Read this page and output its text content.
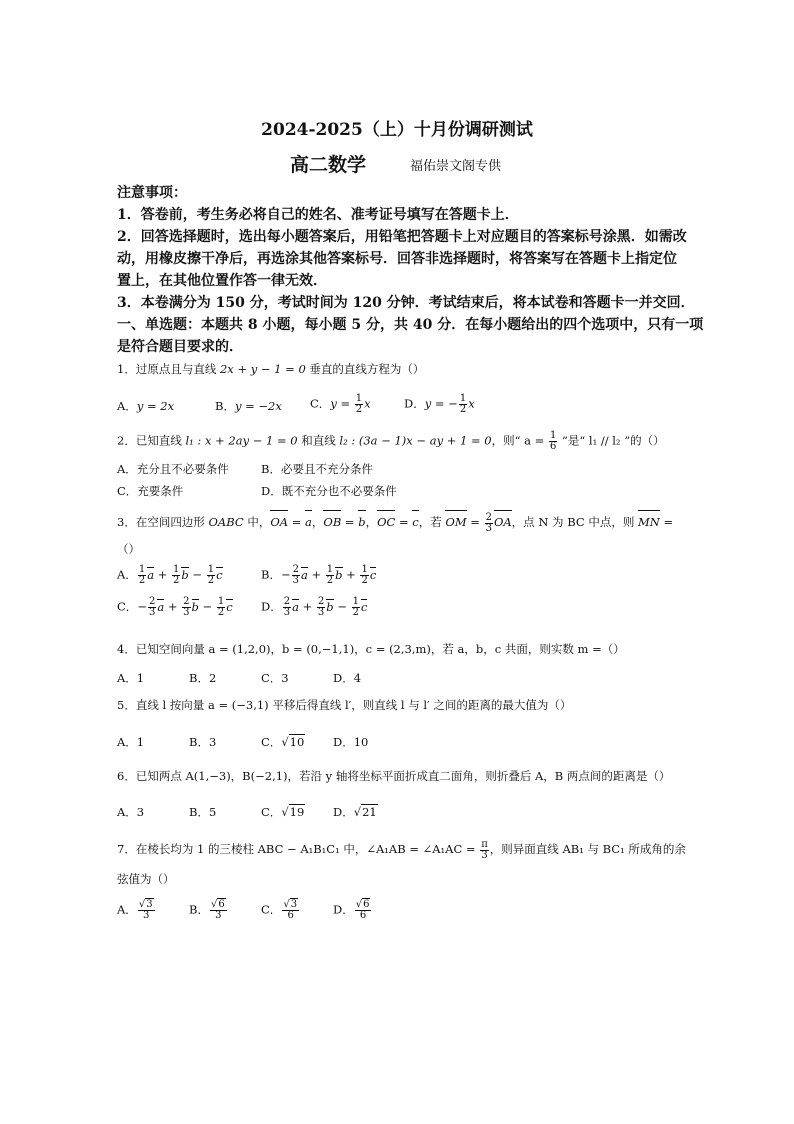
2024-2025（上）十月份调研测试
高二数学	福佑崇文阁专供
注意事项：
1．答卷前，考生务必将自己的姓名、准考证号填写在答题卡上．
2．回答选择题时，选出每小题答案后，用铅笔把答题卡上对应题目的答案标号涂黑．如需改
动，用橡皮擦干净后，再选涂其他答案标号．回答非选择题时，将答案写在答题卡上指定位
置上，在其他位置作答一律无效．
3．本卷满分为 150 分，考试时间为 120 分钟．考试结束后，将本试卷和答题卡一并交回．
一、单选题：本题共 8 小题，每小题 5 分，共 40 分．在每小题给出的四个选项中，只有一项
是符合题目要求的．
1．过原点且与直线 2x + y − 1 = 0 垂直的直线方程为（）
A．y = 2x	B．y = −2x C．$y = \frac{1}{2}$ x	D．y = − $\frac{1}{2}$ x
2．已知直线 l₁ : x + 2ay − 1 = 0 和直线 l₂ : (3a − 1)x − ay + 1 = 0，则“ $a = \frac{1}{6}$ ”是“ l₁ // l₂ ”的（）
A．充分且不必要条件	B．必要且不充分条件
C．充要条件	D．既不充分也不必要条件
3．在空间四边形 OABC 中，OA = a，OB = b，OC = c，若 OM = $\frac{2}{3}$ OA，点 N 为 BC 中点，则 MN =
（）
A． $\frac{1}{2}$ $a + \frac{1}{2}$ $b - \frac{1}{2}$ c	B．− $\frac{2}{3}$ $a + \frac{1}{2}$ $b + \frac{1}{2}$ c
C．− $\frac{2}{3}$ $a + \frac{2}{3}$ $b - \frac{1}{2}$ c D． $\frac{2}{3}$ $a + \frac{2}{3}$ $b - \frac{1}{2}$ c
4．已知空间向量 a = (1,2,0)，b = (0,−1,1)，c = (2,3,m)，若 a，b，c 共面，则实数 m =（）
A．1	B．2	C．3	D．4
5．直线 l 按向量 a = (−3,1) 平移后得直线 l′，则直线 l 与 l′ 之间的距离的最大值为（）
A．1	B．3	C．√10 D．10
6．已知两点 A(1,−3)，B(−2,1)，若沿 y 轴将坐标平面折成直二面角，则折叠后 A，B 两点间的距离是（）
A．3	B．5	C．√19 D．√21
7．在棱长均为 1 的三棱柱 ABC − A₁B₁C₁ 中，∠A₁AB = ∠A₁AC = $\frac{\pi}{3}$ ，则异面直线 AB₁ 与 BC₁ 所成角的余
弦值为（）
A． $\frac{√3}{3}$	B． $\frac{√6}{3}$	C． $\frac{√3}{6}$	D． $\frac{√6}{6}$
